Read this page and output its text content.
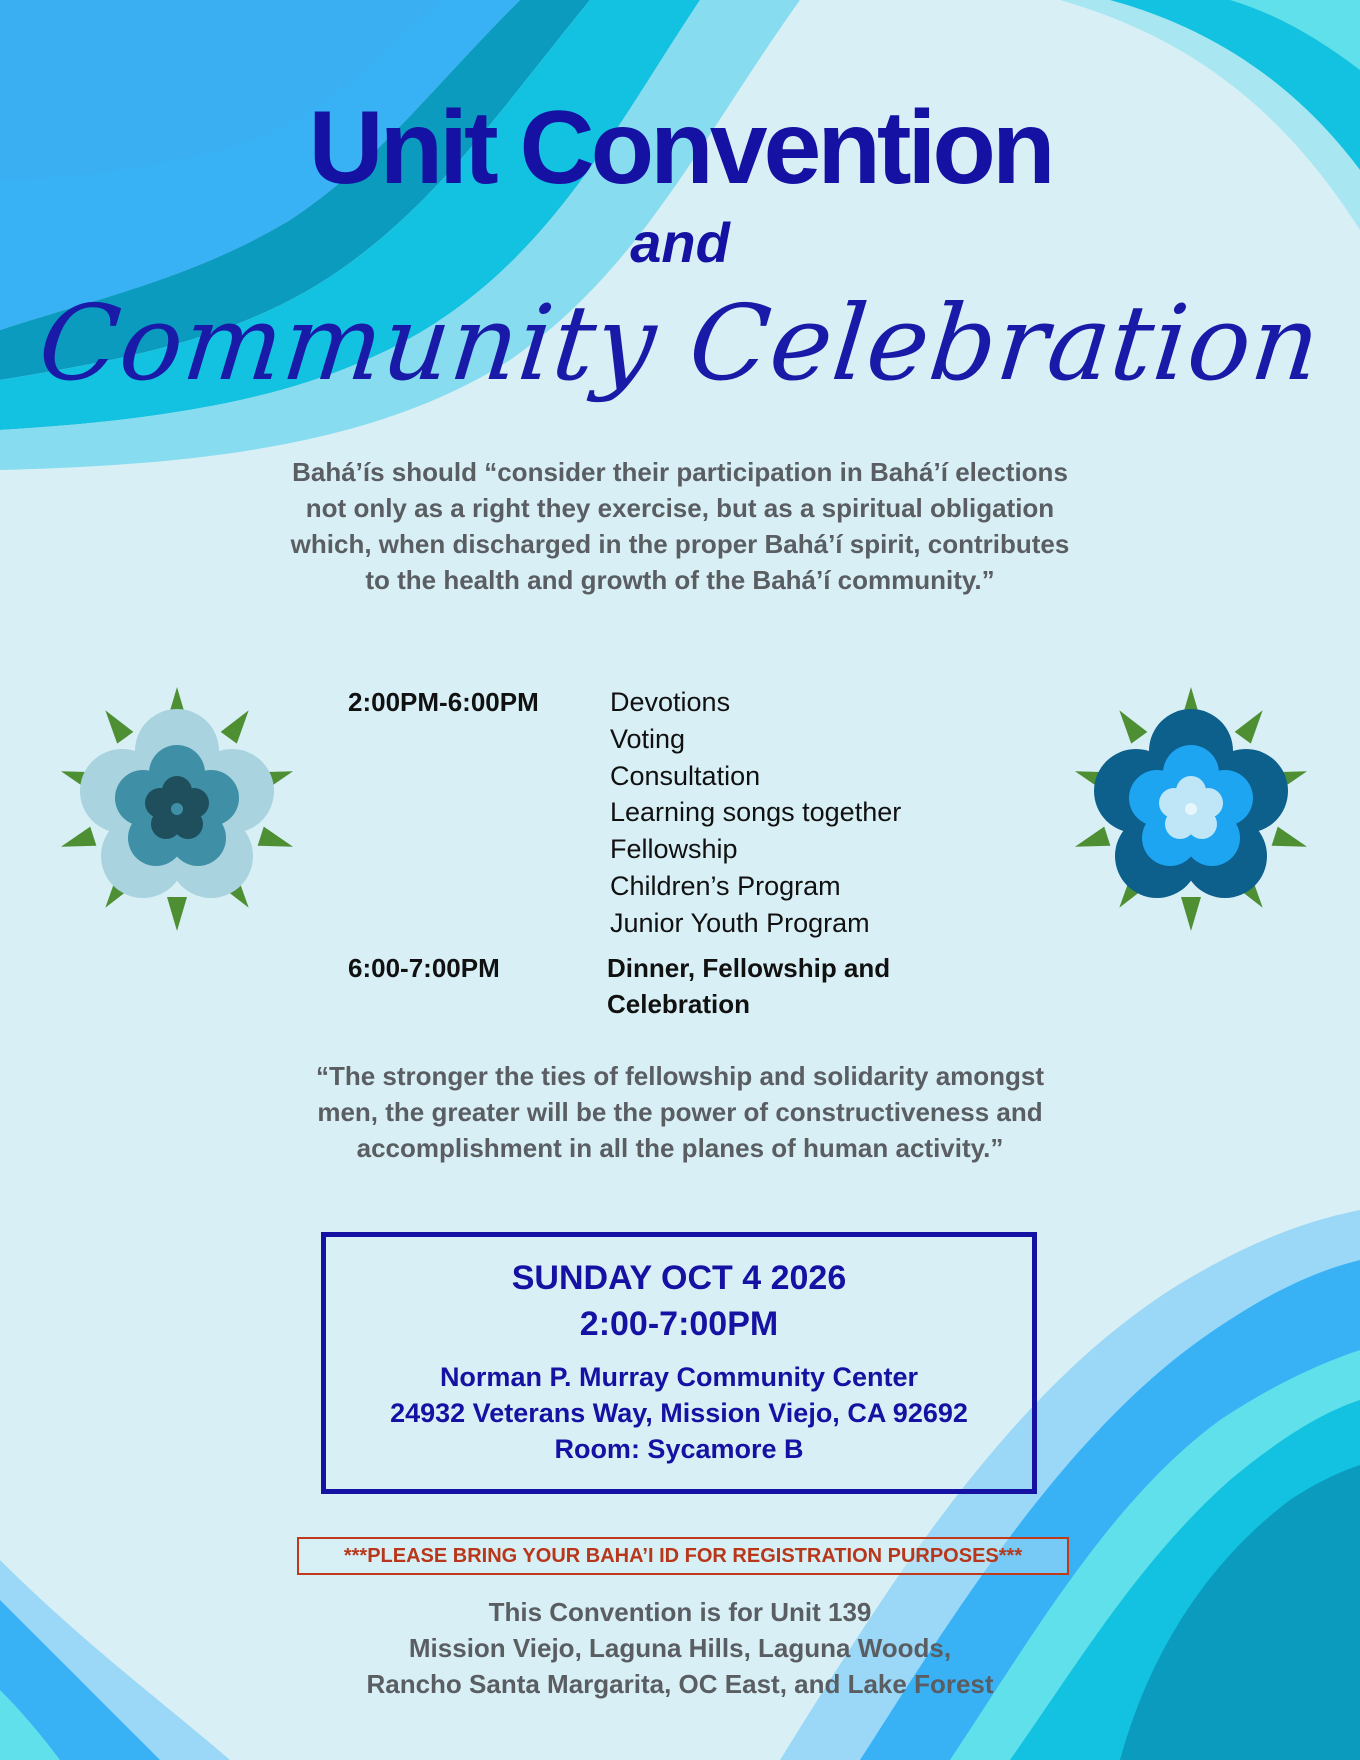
Unit Convention
and
Community Celebration
Bahá’ís should “consider their participation in Bahá’í elections not only as a right they exercise, but as a spiritual obligation which, when discharged in the proper Bahá’í spirit, contributes to the health and growth of the Bahá’í community.”
2:00PM-6:00PM	Devotions
Voting
Consultation
Learning songs together
Fellowship
Children’s Program
Junior Youth Program
6:00-7:00PM	Dinner, Fellowship and Celebration
“The stronger the ties of fellowship and solidarity amongst men, the greater will be the power of constructiveness and accomplishment in all the planes of human activity.”
SUNDAY OCT 4 2026
2:00-7:00PM
Norman P. Murray Community Center
24932 Veterans Way, Mission Viejo, CA 92692
Room: Sycamore B
***PLEASE BRING YOUR BAHA’I ID FOR REGISTRATION PURPOSES***
This Convention is for Unit 139
Mission Viejo, Laguna Hills, Laguna Woods,
Rancho Santa Margarita, OC East, and Lake Forest
